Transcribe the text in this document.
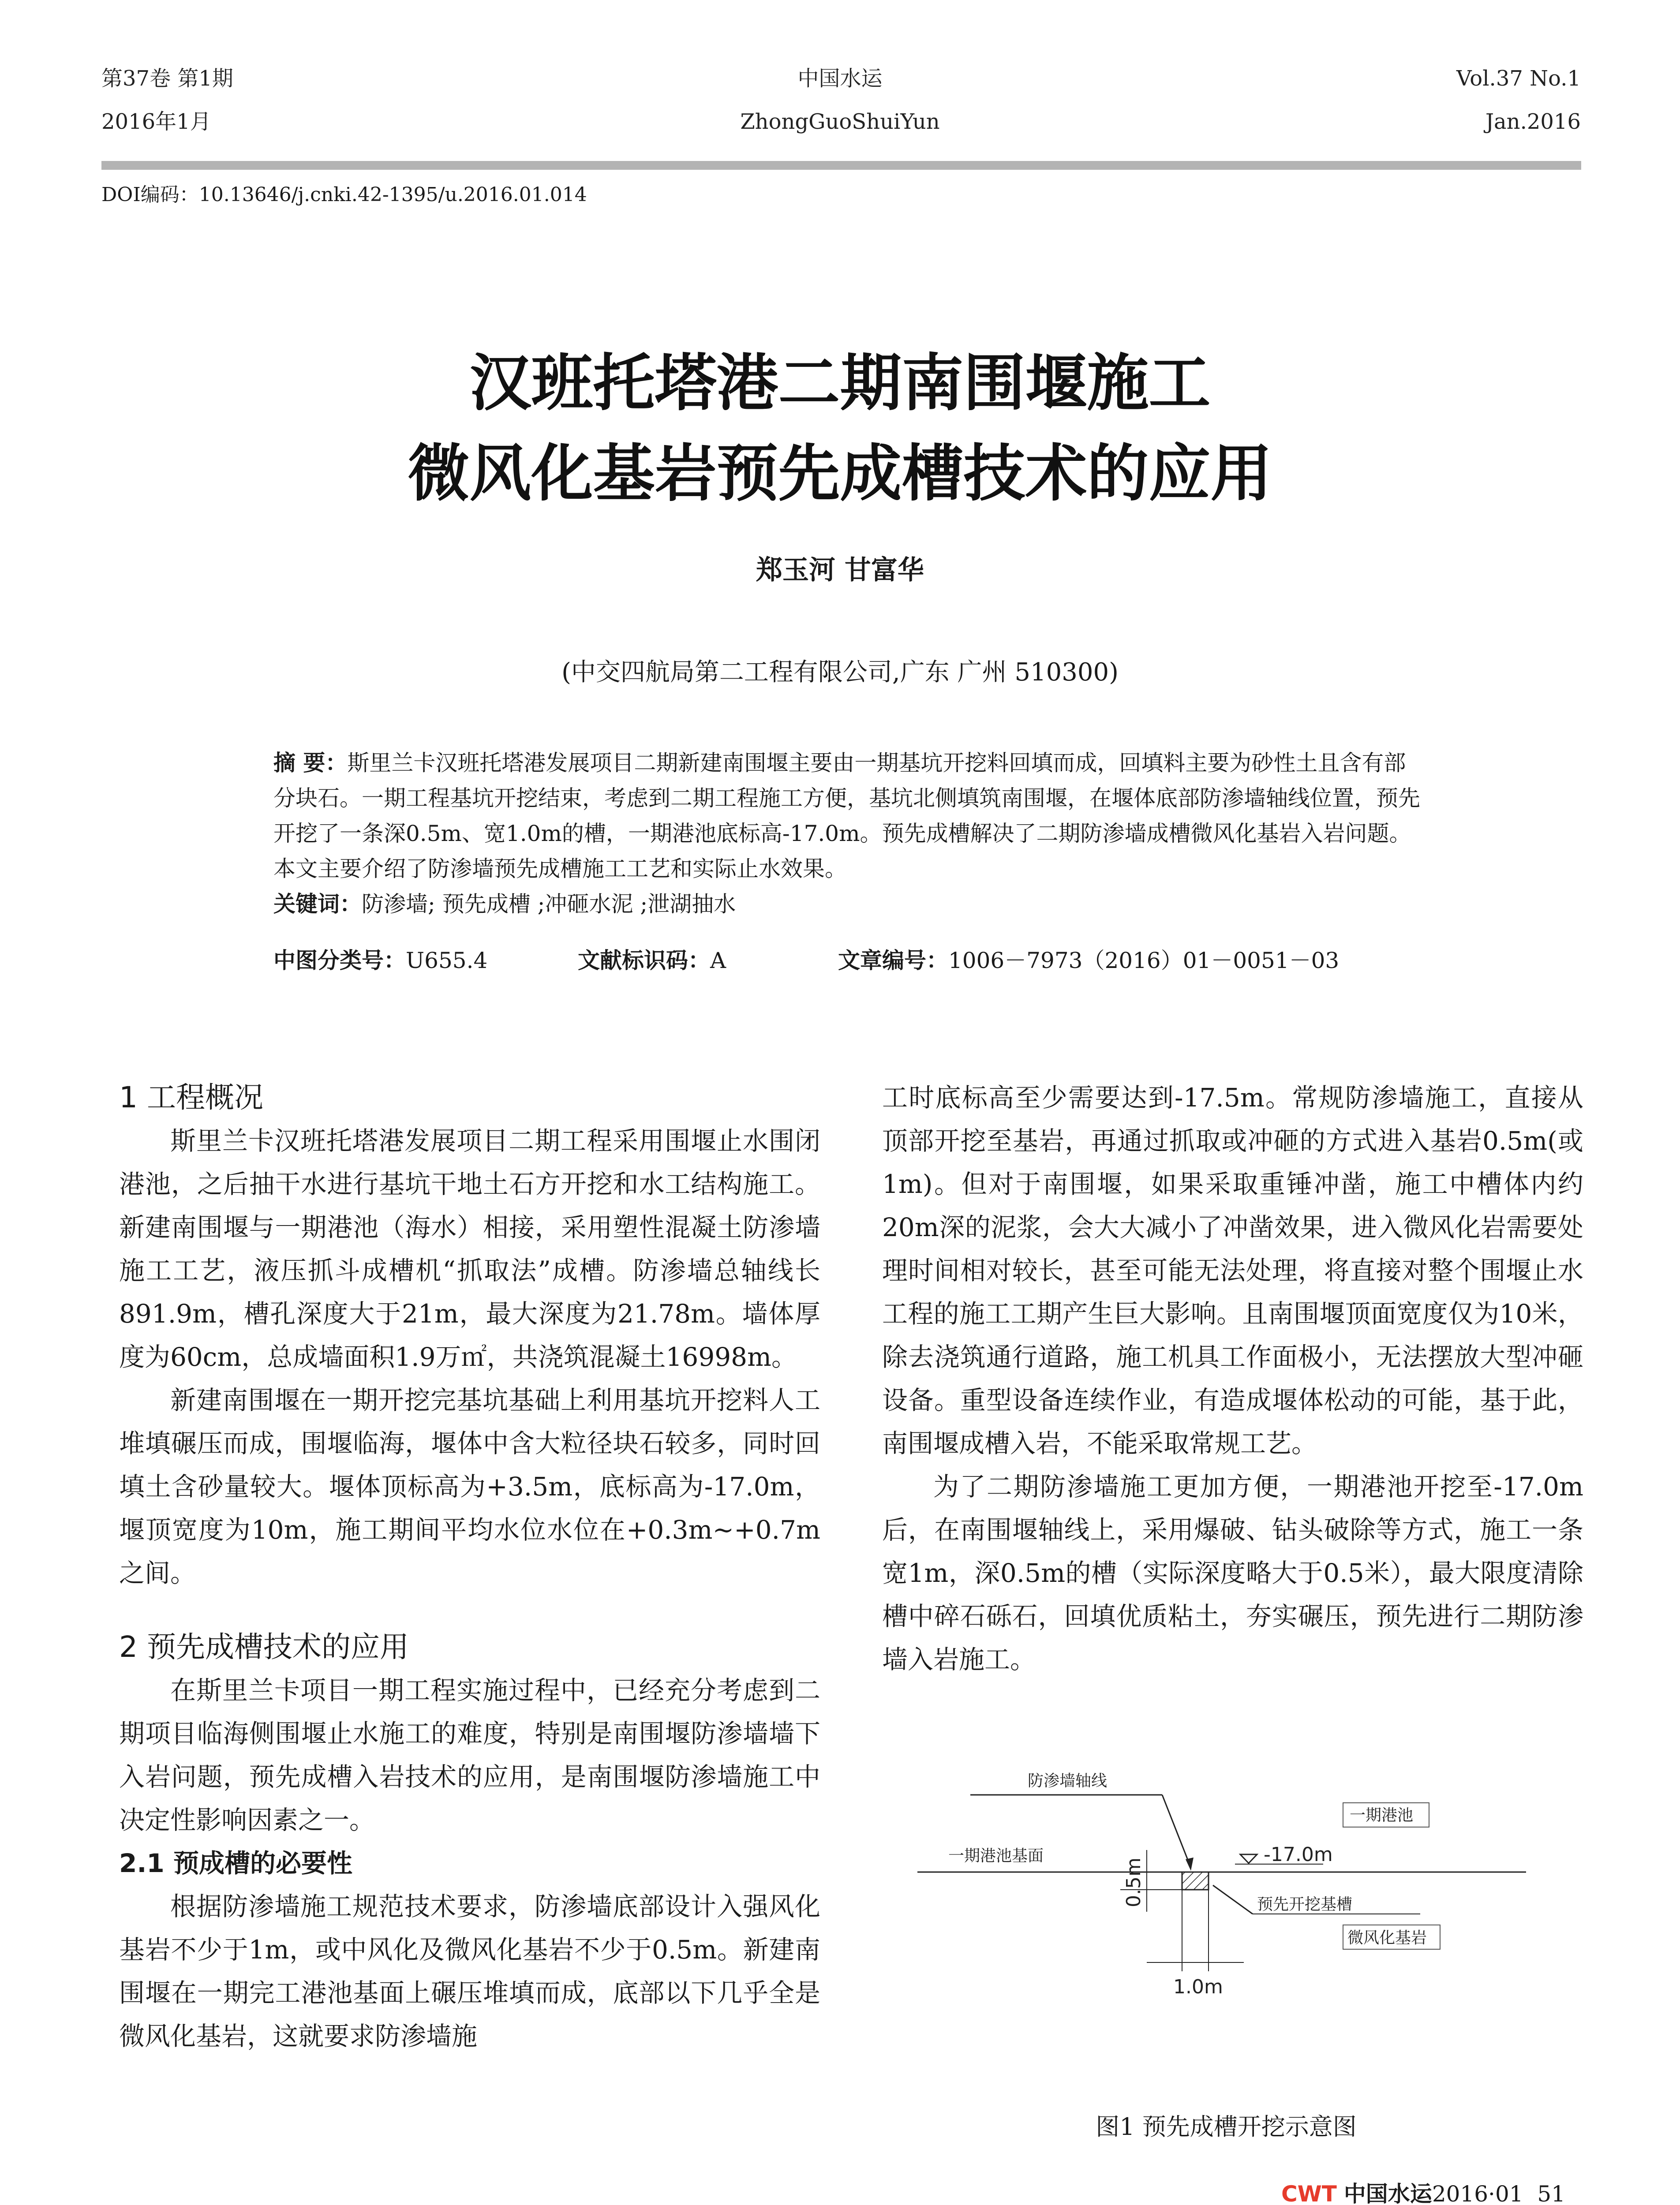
第37卷 第1期
2016年1月
中国水运
ZhongGuoShuiYun
Vol.37 No.1
Jan.2016
DOI编码：10.13646/j.cnki.42-1395/u.2016.01.014
汉班托塔港二期南围堰施工
微风化基岩预先成槽技术的应用
郑玉河 甘富华
(中交四航局第二工程有限公司,广东 广州 510300)
摘 要：斯里兰卡汉班托塔港发展项目二期新建南围堰主要由一期基坑开挖料回填而成，回填料主要为砂性土且含有部分块石。一期工程基坑开挖结束，考虑到二期工程施工方便，基坑北侧填筑南围堰，在堰体底部防渗墙轴线位置，预先开挖了一条深0.5m、宽1.0m的槽，一期港池底标高-17.0m。预先成槽解决了二期防渗墙成槽微风化基岩入岩问题。本文主要介绍了防渗墙预先成槽施工工艺和实际止水效果。
关键词：防渗墙; 预先成槽 ;冲砸水泥 ;泄湖抽水
中图分类号：U655.4	文献标识码：A	文章编号：1006－7973（2016）01－0051－03
1 工程概况

斯里兰卡汉班托塔港发展项目二期工程采用围堰止水围闭港池，之后抽干水进行基坑干地土石方开挖和水工结构施工。新建南围堰与一期港池（海水）相接，采用塑性混凝土防渗墙施工工艺，液压抓斗成槽机“抓取法”成槽。防渗墙总轴线长891.9m，槽孔深度大于21m，最大深度为21.78m。墙体厚度为60cm，总成墙面积1.9万㎡，共浇筑混凝土16998m。

新建南围堰在一期开挖完基坑基础上利用基坑开挖料人工堆填碾压而成，围堰临海，堰体中含大粒径块石较多，同时回填土含砂量较大。堰体顶标高为+3.5m，底标高为-17.0m，堰顶宽度为10m，施工期间平均水位水位在+0.3m~+0.7m之间。

2 预先成槽技术的应用

在斯里兰卡项目一期工程实施过程中，已经充分考虑到二期项目临海侧围堰止水施工的难度，特别是南围堰防渗墙墙下入岩问题，预先成槽入岩技术的应用，是南围堰防渗墙施工中决定性影响因素之一。

2.1 预成槽的必要性

根据防渗墙施工规范技术要求，防渗墙底部设计入强风化基岩不少于1m，或中风化及微风化基岩不少于0.5m。新建南围堰在一期完工港池基面上碾压堆填而成，底部以下几乎全是微风化基岩，这就要求防渗墙施

工时底标高至少需要达到-17.5m。常规防渗墙施工，直接从顶部开挖至基岩，再通过抓取或冲砸的方式进入基岩0.5m(或1m)。但对于南围堰，如果采取重锤冲凿，施工中槽体内约20m深的泥浆，会大大减小了冲凿效果，进入微风化岩需要处理时间相对较长，甚至可能无法处理，将直接对整个围堰止水工程的施工工期产生巨大影响。且南围堰顶面宽度仅为10米，除去浇筑通行道路，施工机具工作面极小，无法摆放大型冲砸设备。重型设备连续作业，有造成堰体松动的可能，基于此，南围堰成槽入岩，不能采取常规工艺。

为了二期防渗墙施工更加方便，一期港池开挖至-17.0m后，在南围堰轴线上，采用爆破、钻头破除等方式，施工一条宽1m，深0.5m的槽（实际深度略大于0.5米），最大限度清除槽中碎石砾石，回填优质粘土，夯实碾压，预先进行二期防渗墙入岩施工。

防渗墙轴线
一期港池
一期港池基面	-17.0m
0.5m	预先开挖基槽
微风化基岩
1.0m
图1 预先成槽开挖示意图
CWT 中国水运2016·01 51
